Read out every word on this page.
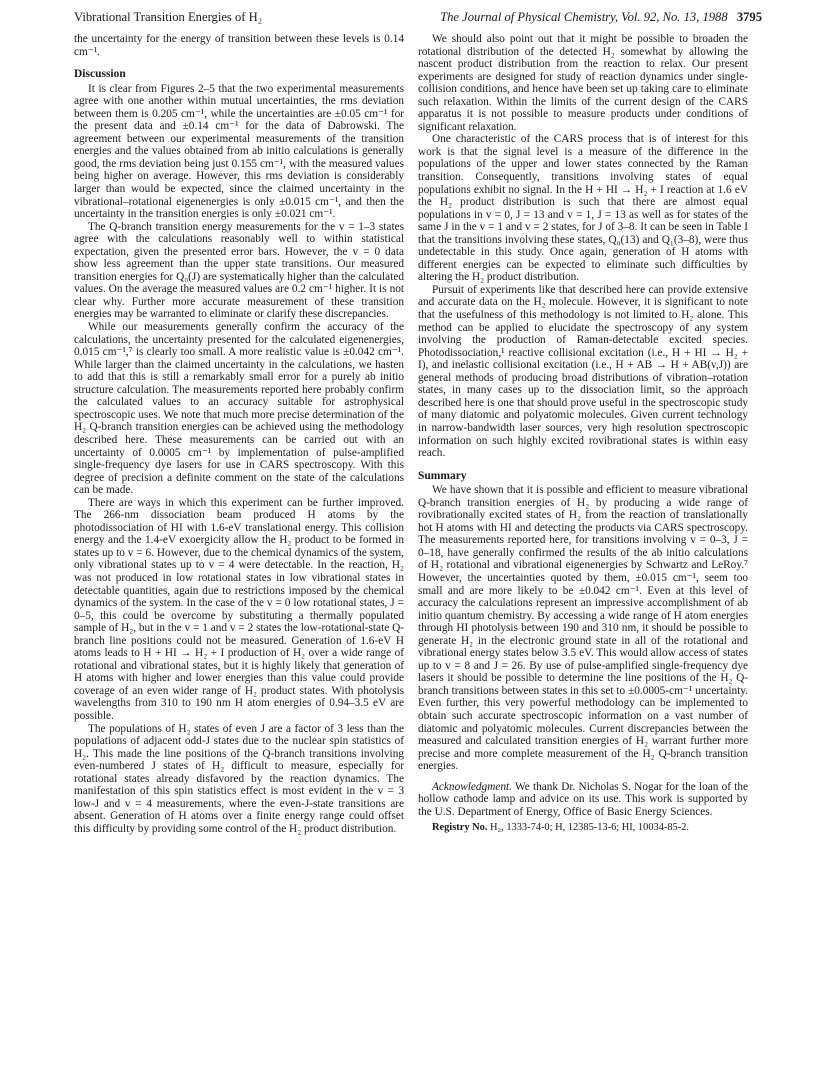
Vibrational Transition Energies of H₂	The Journal of Physical Chemistry, Vol. 92, No. 13, 1988 3795

the uncertainty for the energy of transition between these levels is 0.14 cm⁻¹.

Discussion

It is clear from Figures 2–5 that the two experimental measurements agree with one another within mutual uncertainties, the rms deviation between them is 0.205 cm⁻¹, while the uncertainties are ±0.05 cm⁻¹ for the present data and ±0.14 cm⁻¹ for the data of Dabrowski. The agreement between our experimental measurements of the transition energies and the values obtained from ab initio calculations is generally good, the rms deviation being just 0.155 cm⁻¹, with the measured values being higher on average. However, this rms deviation is considerably larger than would be expected, since the claimed uncertainty in the vibrational–rotational eigenenergies is only ±0.015 cm⁻¹, and then the uncertainty in the transition energies is only ±0.021 cm⁻¹.

The Q-branch transition energy measurements for the v = 1–3 states agree with the calculations reasonably well to within statistical expectation, given the presented error bars. However, the v = 0 data show less agreement than the upper state transitions. Our measured transition energies for Q₀(J) are systematically higher than the calculated values. On the average the measured values are 0.2 cm⁻¹ higher. It is not clear why. Further more accurate measurement of these transition energies may be warranted to eliminate or clarify these discrepancies.

While our measurements generally confirm the accuracy of the calculations, the uncertainty presented for the calculated eigenenergies, 0.015 cm⁻¹,⁷ is clearly too small. A more realistic value is ±0.042 cm⁻¹. While larger than the claimed uncertainty in the calculations, we hasten to add that this is still a remarkably small error for a purely ab initio structure calculation. The measurements reported here probably confirm the calculated values to an accuracy suitable for astrophysical spectroscopic uses. We note that much more precise determination of the H₂ Q-branch transition energies can be achieved using the methodology described here. These measurements can be carried out with an uncertainty of 0.0005 cm⁻¹ by implementation of pulse-amplified single-frequency dye lasers for use in CARS spectroscopy. With this degree of precision a definite comment on the state of the calculations can be made.

There are ways in which this experiment can be further improved. The 266-nm dissociation beam produced H atoms by the photodissociation of HI with 1.6-eV translational energy. This collision energy and the 1.4-eV exoergicity allow the H₂ product to be formed in states up to v = 6. However, due to the chemical dynamics of the system, only vibrational states up to v = 4 were detectable. In the reaction, H₂ was not produced in low rotational states in low vibrational states in detectable quantities, again due to restrictions imposed by the chemical dynamics of the system. In the case of the v = 0 low rotational states, J = 0–5, this could be overcome by substituting a thermally populated sample of H₂, but in the v = 1 and v = 2 states the low-rotational-state Q-branch line positions could not be measured. Generation of 1.6-eV H atoms leads to H + HI → H₂ + I production of H₂ over a wide range of rotational and vibrational states, but it is highly likely that generation of H atoms with higher and lower energies than this value could provide coverage of an even wider range of H₂ product states. With photolysis wavelengths from 310 to 190 nm H atom energies of 0.94–3.5 eV are possible.

The populations of H₂ states of even J are a factor of 3 less than the populations of adjacent odd-J states due to the nuclear spin statistics of H₂. This made the line positions of the Q-branch transitions involving even-numbered J states of H₂ difficult to measure, especially for rotational states already disfavored by the reaction dynamics. The manifestation of this spin statistics effect is most evident in the v = 3 low-J and v = 4 measurements, where the even-J-state transitions are absent. Generation of H atoms over a finite energy range could offset this difficulty by providing some control of the H₂ product distribution.

We should also point out that it might be possible to broaden the rotational distribution of the detected H₂ somewhat by allowing the nascent product distribution from the reaction to relax. Our present experiments are designed for study of reaction dynamics under single-collision conditions, and hence have been set up taking care to eliminate such relaxation. Within the limits of the current design of the CARS apparatus it is not possible to measure products under conditions of significant relaxation.

One characteristic of the CARS process that is of interest for this work is that the signal level is a measure of the difference in the populations of the upper and lower states connected by the Raman transition. Consequently, transitions involving states of equal populations exhibit no signal. In the H + HI → H₂ + I reaction at 1.6 eV the H₂ product distribution is such that there are almost equal populations in v = 0, J = 13 and v = 1, J = 13 as well as for states of the same J in the v = 1 and v = 2 states, for J of 3–8. It can be seen in Table I that the transitions involving these states, Q₀(13) and Q₁(3–8), were thus undetectable in this study. Once again, generation of H atoms with different energies can be expected to eliminate such difficulties by altering the H₂ product distribution.

Pursuit of experiments like that described here can provide extensive and accurate data on the H₂ molecule. However, it is significant to note that the usefulness of this methodology is not limited to H₂ alone. This method can be applied to elucidate the spectroscopy of any system involving the production of Raman-detectable excited species. Photodissociation,¹ reactive collisional excitation (i.e., H + HI → H₂ + I), and inelastic collisional excitation (i.e., H + AB → H + AB(v,J)) are general methods of producing broad distributions of vibration–rotation states, in many cases up to the dissociation limit, so the approach described here is one that should prove useful in the spectroscopic study of many diatomic and polyatomic molecules. Given current technology in narrow-bandwidth laser sources, very high resolution spectroscopic information on such highly excited rovibrational states is within easy reach.

Summary

We have shown that it is possible and efficient to measure vibrational Q-branch transition energies of H₂ by producing a wide range of rovibrationally excited states of H₂ from the reaction of translationally hot H atoms with HI and detecting the products via CARS spectroscopy. The measurements reported here, for transitions involving v = 0–3, J = 0–18, have generally confirmed the results of the ab initio calculations of H₂ rotational and vibrational eigenenergies by Schwartz and LeRoy.⁷ However, the uncertainties quoted by them, ±0.015 cm⁻¹, seem too small and are more likely to be ±0.042 cm⁻¹. Even at this level of accuracy the calculations represent an impressive accomplishment of ab initio quantum chemistry. By accessing a wide range of H atom energies through HI photolysis between 190 and 310 nm, it should be possible to generate H₂ in the electronic ground state in all of the rotational and vibrational energy states below 3.5 eV. This would allow access of states up to v = 8 and J = 26. By use of pulse-amplified single-frequency dye lasers it should be possible to determine the line positions of the H₂ Q-branch transitions between states in this set to ±0.0005-cm⁻¹ uncertainty. Even further, this very powerful methodology can be implemented to obtain such accurate spectroscopic information on a vast number of diatomic and polyatomic molecules. Current discrepancies between the measured and calculated transition energies of H₂ warrant further more precise and more complete measurement of the H₂ Q-branch transition energies.

Acknowledgment. We thank Dr. Nicholas S. Nogar for the loan of the hollow cathode lamp and advice on its use. This work is supported by the U.S. Department of Energy, Office of Basic Energy Sciences.

Registry No. H₂, 1333-74-0; H, 12385-13-6; HI, 10034-85-2.
